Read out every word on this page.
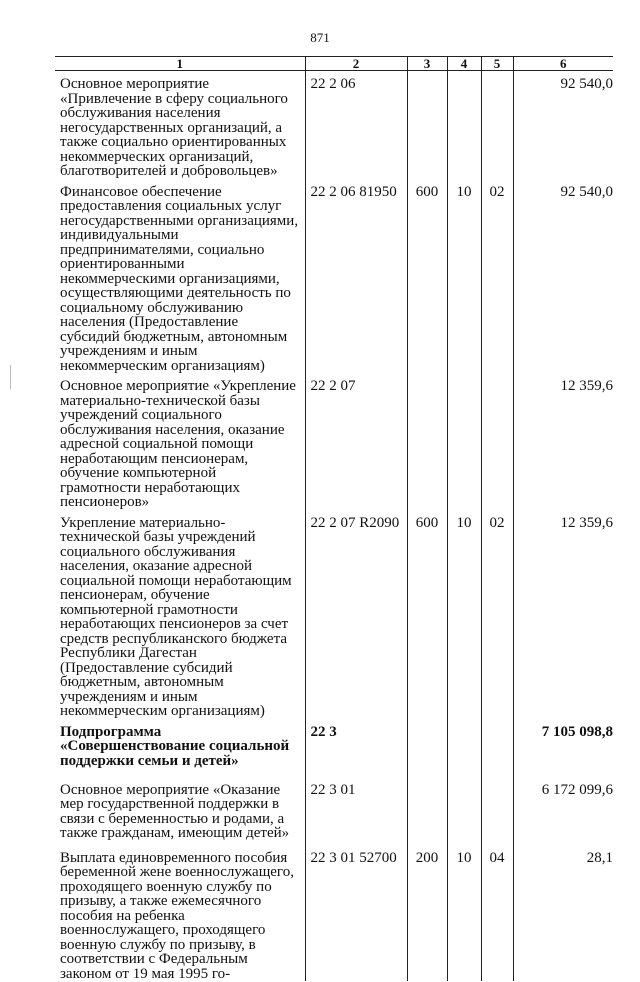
871
1	2	3	4	5	6
Основное мероприятие «Привлечение в сферу социального обслуживания населения негосударственных организаций, а также социально ориентированных некоммерческих организаций, благотворителей и добровольцев»	22 2 06				92 540,0
Финансовое обеспечение предоставления социальных услуг негосударственными организациями, индивидуальными предпринимателями, социально ориентированными некоммерческими организациями, осуществляющими деятельность по социальному обслуживанию населения (Предоставление субсидий бюджетным, автономным учреждениям и иным некоммерческим организациям)	22 2 06 81950	600	10	02	92 540,0
Основное мероприятие «Укрепление материально-технической базы учреждений социального обслуживания населения, оказание адресной социальной помощи неработающим пенсионерам, обучение компьютерной грамотности неработающих пенсионеров»	22 2 07				12 359,6
Укрепление материально-технической базы учреждений социального обслуживания населения, оказание адресной социальной помощи неработающим пенсионерам, обучение компьютерной грамотности неработающих пенсионеров за счет средств республиканского бюджета Республики Дагестан (Предоставление субсидий бюджетным, автономным учреждениям и иным некоммерческим организациям)	22 2 07 R2090	600	10	02	12 359,6
Подпрограмма «Совершенствование социальной поддержки семьи и детей»	22 3				7 105 098,8
Основное мероприятие «Оказание мер государственной поддержки в связи с беременностью и родами, а также гражданам, имеющим детей»	22 3 01				6 172 099,6
Выплата единовременного пособия беременной жене военнослужащего, проходящего военную службу по призыву, а также ежемесячного пособия на ребенка военнослужащего, проходящего военную службу по призыву, в соответствии с Федеральным законом от 19 мая 1995 го-	22 3 01 52700	200	10	04	28,1
